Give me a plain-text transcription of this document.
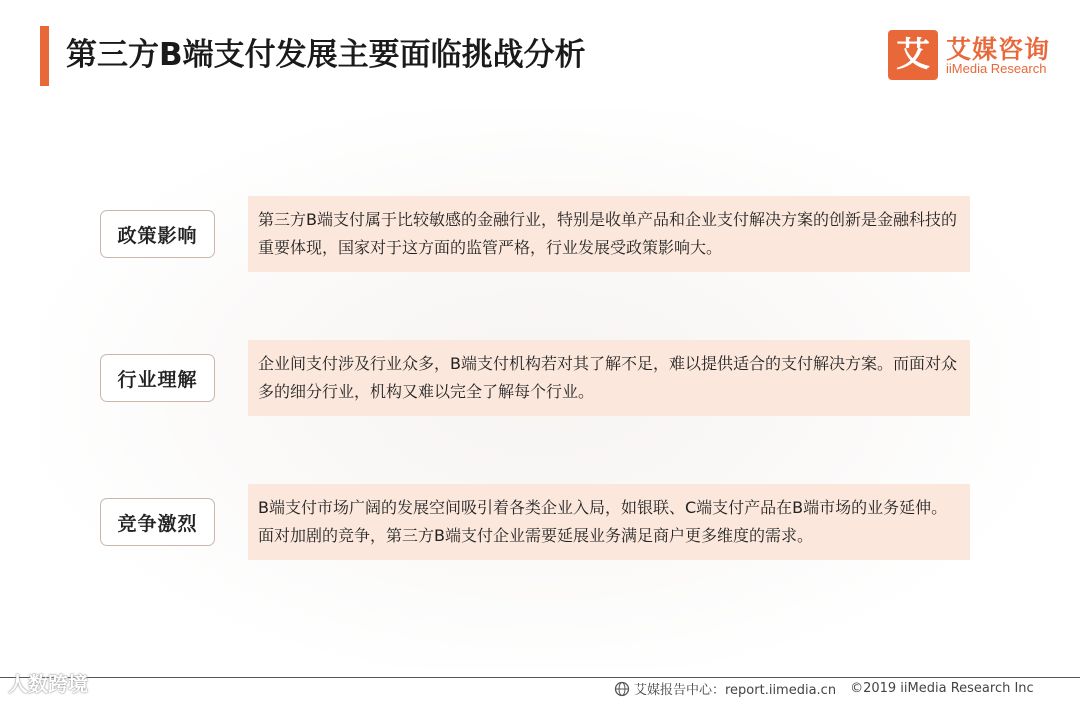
第三方B端支付发展主要面临挑战分析	艾 艾媒咨询
iiMedia Research
政策影响
第三方B端支付属于比较敏感的金融行业，特别是收单产品和企业支付解决方案的创新是金融科技的重要体现，国家对于这方面的监管严格，行业发展受政策影响大。
行业理解
企业间支付涉及行业众多，B端支付机构若对其了解不足，难以提供适合的支付解决方案。而面对众多的细分行业，机构又难以完全了解每个行业。
竞争激烈
B端支付市场广阔的发展空间吸引着各类企业入局，如银联、C端支付产品在B端市场的业务延伸。面对加剧的竞争，第三方B端支付企业需要延展业务满足商户更多维度的需求。
人数跨境	艾媒报告中心：report.iimedia.cn ©2019 iiMedia Research Inc
